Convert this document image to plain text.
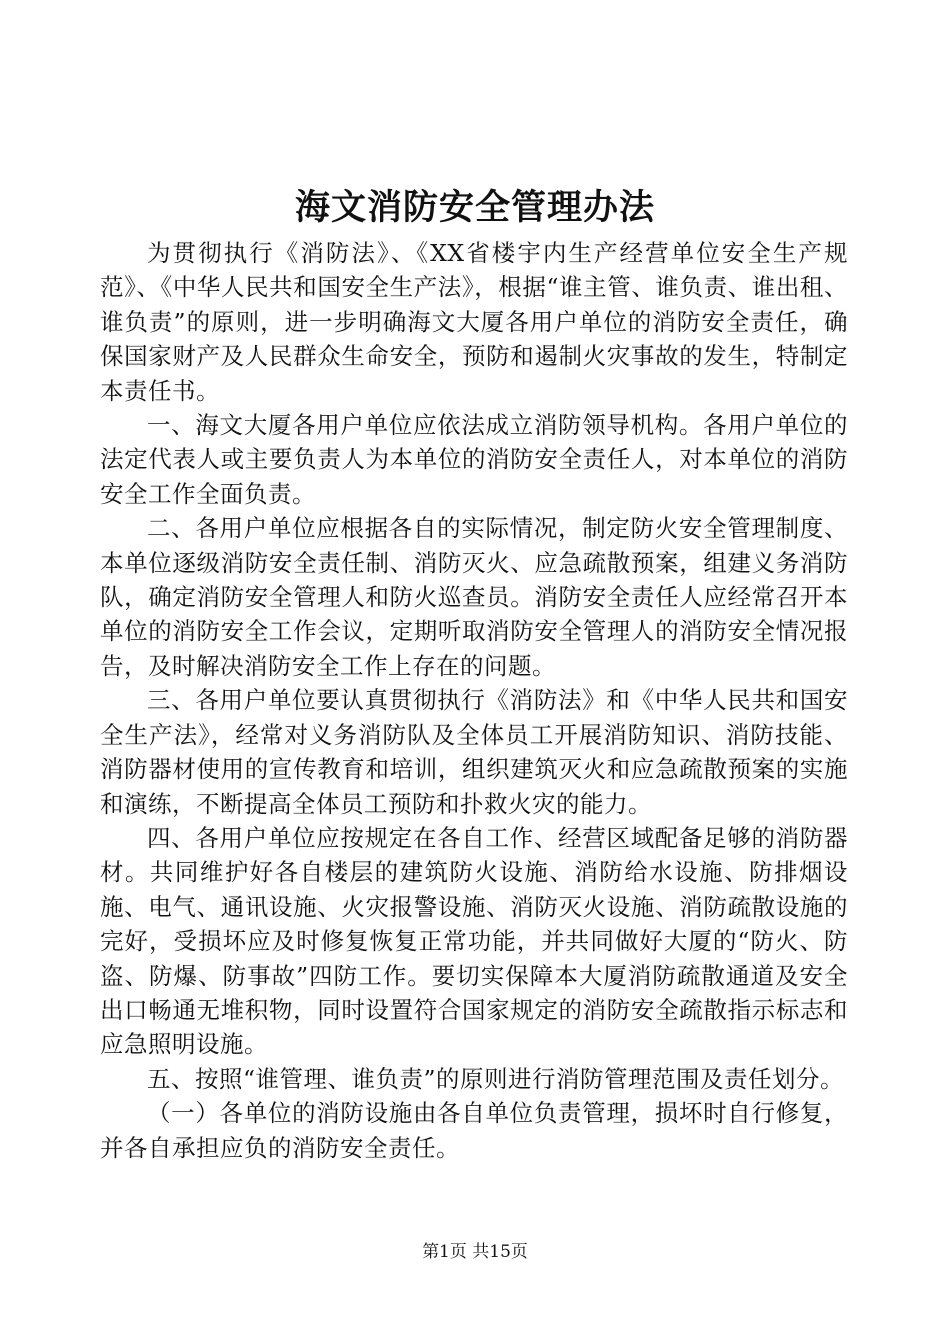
海文消防安全管理办法

为贯彻执行《消防法》、《XX省楼宇内生产经营单位安全生产规范》、《中华人民共和国安全生产法》，根据“谁主管、谁负责、谁出租、谁负责”的原则，进一步明确海文大厦各用户单位的消防安全责任，确保国家财产及人民群众生命安全，预防和遏制火灾事故的发生，特制定本责任书。

一、海文大厦各用户单位应依法成立消防领导机构。各用户单位的法定代表人或主要负责人为本单位的消防安全责任人，对本单位的消防安全工作全面负责。

二、各用户单位应根据各自的实际情况，制定防火安全管理制度、本单位逐级消防安全责任制、消防灭火、应急疏散预案，组建义务消防队，确定消防安全管理人和防火巡查员。消防安全责任人应经常召开本单位的消防安全工作会议，定期听取消防安全管理人的消防安全情况报告，及时解决消防安全工作上存在的问题。

三、各用户单位要认真贯彻执行《消防法》和《中华人民共和国安全生产法》，经常对义务消防队及全体员工开展消防知识、消防技能、消防器材使用的宣传教育和培训，组织建筑灭火和应急疏散预案的实施和演练，不断提高全体员工预防和扑救火灾的能力。

四、各用户单位应按规定在各自工作、经营区域配备足够的消防器材。共同维护好各自楼层的建筑防火设施、消防给水设施、防排烟设施、电气、通讯设施、火灾报警设施、消防灭火设施、消防疏散设施的完好，受损坏应及时修复恢复正常功能，并共同做好大厦的“防火、防盗、防爆、防事故”四防工作。要切实保障本大厦消防疏散通道及安全出口畅通无堆积物，同时设置符合国家规定的消防安全疏散指示标志和应急照明设施。

五、按照“谁管理、谁负责”的原则进行消防管理范围及责任划分。

（一）各单位的消防设施由各自单位负责管理，损坏时自行修复，并各自承担应负的消防安全责任。

第1页 共15页
